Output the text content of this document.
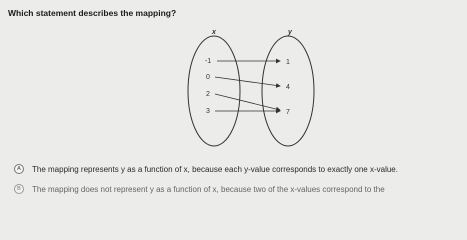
Which statement describes the mapping?

x	y
-1
0
2
3
1
4
7
A	The mapping represents y as a function of x, because each y-value corresponds to exactly one x-value.
B	The mapping does not represent y as a function of x, because two of the x-values correspond to the
